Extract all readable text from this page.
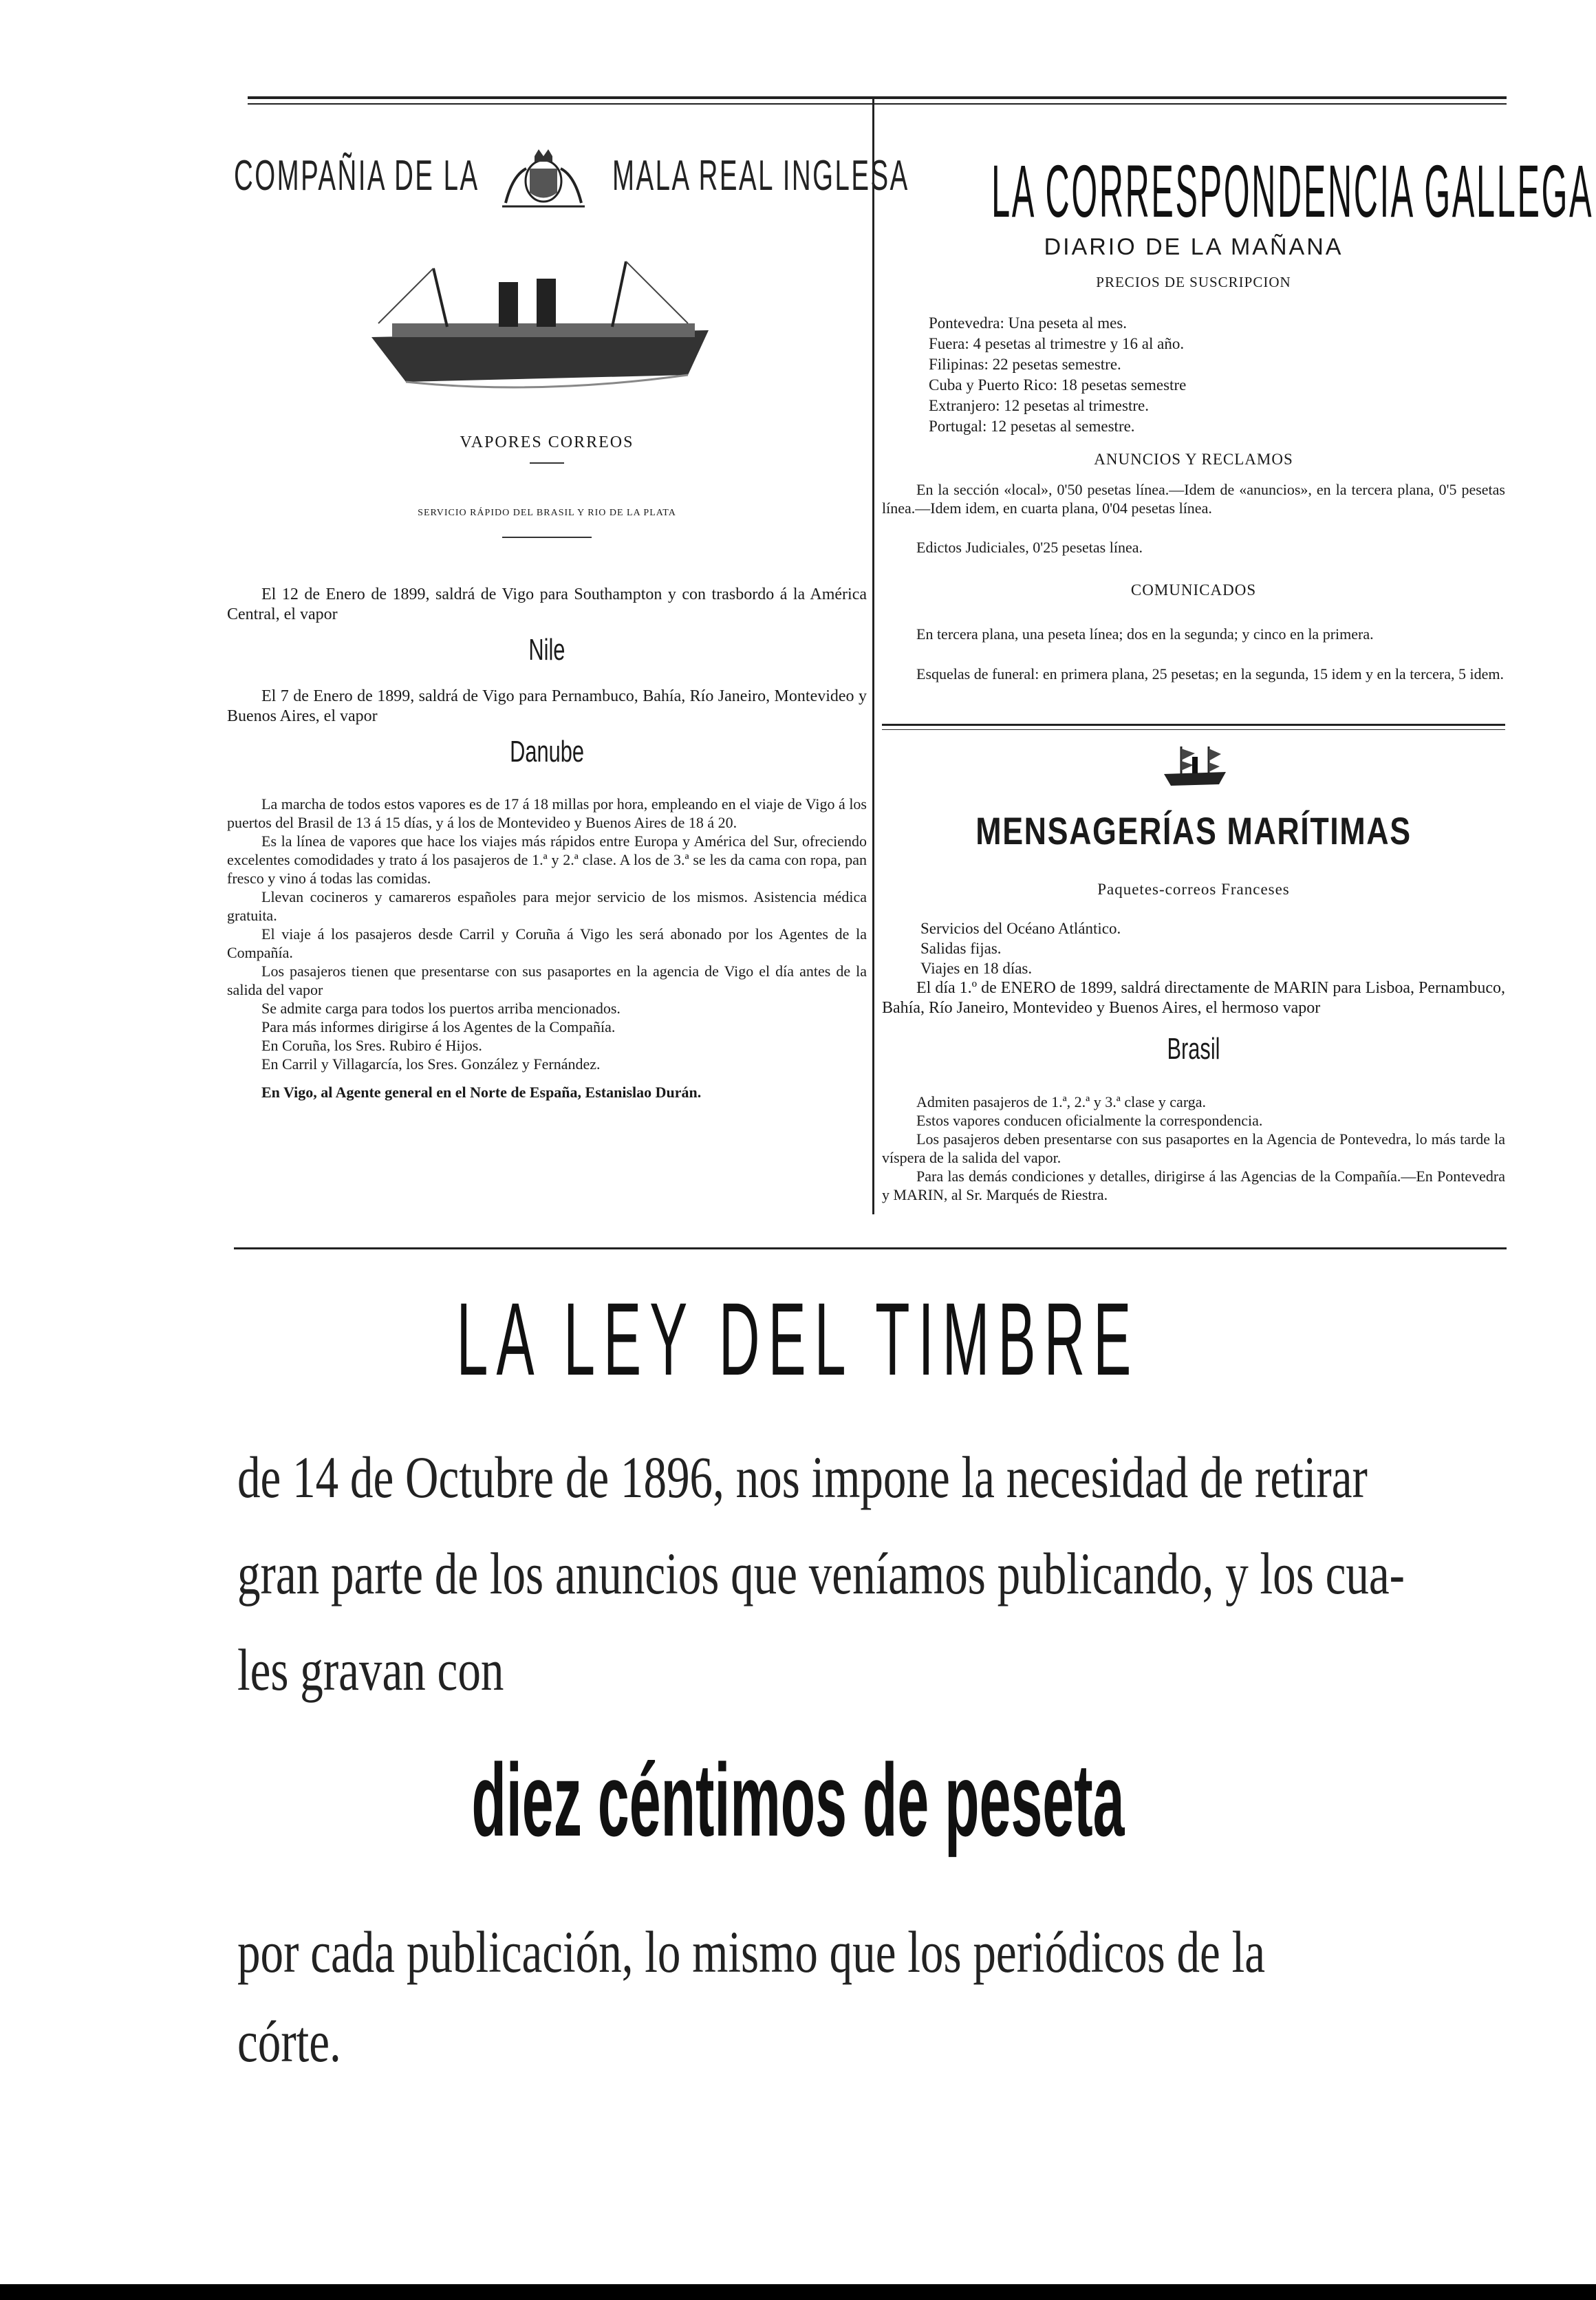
COMPAÑIA DE LA	MALA REAL INGLESA
VAPORES CORREOS
SERVICIO RÁPIDO DEL BRASIL Y RIO DE LA PLATA

El 12 de Enero de 1899, saldrá de Vigo para Southampton y con trasbordo á la América Central, el vapor

Nile

El 7 de Enero de 1899, saldrá de Vigo para Pernambuco, Bahía, Río Janeiro, Montevideo y Buenos Aires, el vapor

Danube

La marcha de todos estos vapores es de 17 á 18 millas por hora, empleando en el viaje de Vigo á los puertos del Brasil de 13 á 15 días, y á los de Montevideo y Buenos Aires de 18 á 20.

Es la línea de vapores que hace los viajes más rápidos entre Europa y América del Sur, ofreciendo excelentes comodidades y trato á los pasajeros de 1.ª y 2.ª clase. A los de 3.ª se les da cama con ropa, pan fresco y vino á todas las comidas.

Llevan cocineros y camareros españoles para mejor servicio de los mismos. Asistencia médica gratuita.

El viaje á los pasajeros desde Carril y Coruña á Vigo les será abonado por los Agentes de la Compañía.

Los pasajeros tienen que presentarse con sus pasaportes en la agencia de Vigo el día antes de la salida del vapor

Se admite carga para todos los puertos arriba mencionados.

Para más informes dirigirse á los Agentes de la Compañía.

En Coruña, los Sres. Rubiro é Hijos.

En Carril y Villagarcía, los Sres. González y Fernández.

En Vigo, al Agente general en el Norte de España, Estanislao Durán.

LA CORRESPONDENCIA GALLEGA
DIARIO DE LA MAÑANA
PRECIOS DE SUSCRIPCION
Pontevedra: Una peseta al mes.
Fuera: 4 pesetas al trimestre y 16 al año.
Filipinas: 22 pesetas semestre.
Cuba y Puerto Rico: 18 pesetas semestre
Extranjero: 12 pesetas al trimestre.
Portugal: 12 pesetas al semestre.
ANUNCIOS Y RECLAMOS

En la sección «local», 0'50 pesetas línea.—Idem de «anuncios», en la tercera plana, 0'5 pesetas línea.—Idem idem, en cuarta plana, 0'04 pesetas línea.

Edictos Judiciales, 0'25 pesetas línea.

COMUNICADOS

En tercera plana, una peseta línea; dos en la segunda; y cinco en la primera.

Esquelas de funeral: en primera plana, 25 pesetas; en la segunda, 15 idem y en la tercera, 5 idem.

MENSAGERÍAS MARÍTIMAS
Paquetes-correos Franceses
Servicios del Océano Atlántico.
Salidas fijas.
Viajes en 18 días.

El día 1.º de ENERO de 1899, saldrá directamente de MARIN para Lisboa, Pernambuco, Bahía, Río Janeiro, Montevideo y Buenos Aires, el hermoso vapor

Brasil

Admiten pasajeros de 1.ª, 2.ª y 3.ª clase y carga.

Estos vapores conducen oficialmente la correspondencia.

Los pasajeros deben presentarse con sus pasaportes en la Agencia de Pontevedra, lo más tarde la víspera de la salida del vapor.

Para las demás condiciones y detalles, dirigirse á las Agencias de la Compañía.—En Pontevedra y MARIN, al Sr. Marqués de Riestra.

LA LEY DEL TIMBRE
de 14 de Octubre de 1896, nos impone la necesidad de retirar
gran parte de los anuncios que veníamos publicando, y los cua-
les gravan con
diez céntimos de peseta
por cada publicación, lo mismo que los periódicos de la
córte.
